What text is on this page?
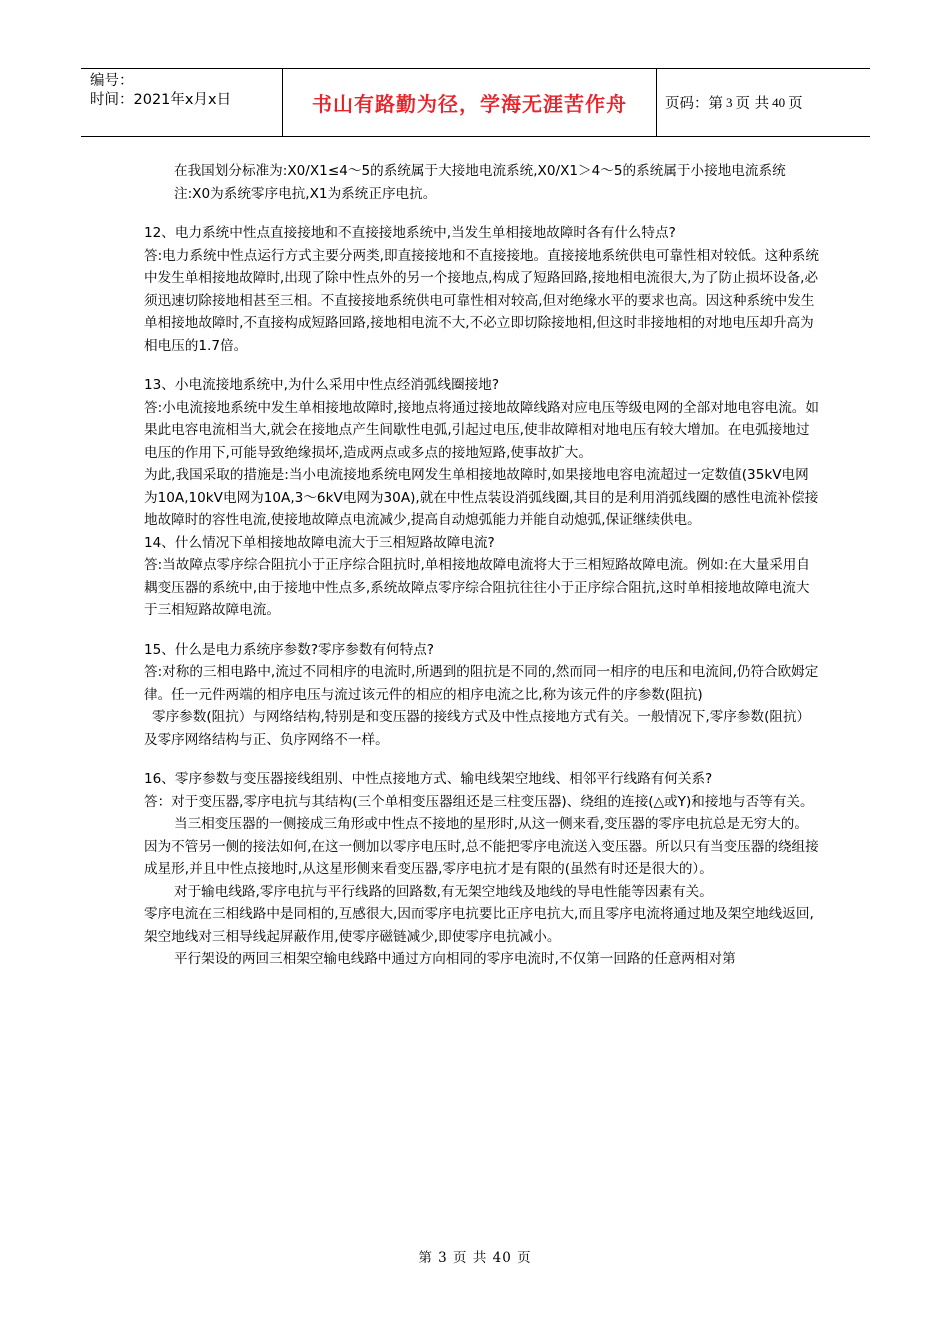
编号：
时间：2021年x月x日	书山有路勤为径，学海无涯苦作舟	页码：第 3 页 共 40 页

在我国划分标准为:X0/X1≤4～5的系统属于大接地电流系统,X0/X1＞4～5的系统属于小接地电流系统

注:X0为系统零序电抗,X1为系统正序电抗。

12、电力系统中性点直接接地和不直接接地系统中,当发生单相接地故障时各有什么特点?

答:电力系统中性点运行方式主要分两类,即直接接地和不直接接地。直接接地系统供电可靠性相对较低。这种系统中发生单相接地故障时,出现了除中性点外的另一个接地点,构成了短路回路,接地相电流很大,为了防止损坏设备,必须迅速切除接地相甚至三相。不直接接地系统供电可靠性相对较高,但对绝缘水平的要求也高。因这种系统中发生单相接地故障时,不直接构成短路回路,接地相电流不大,不必立即切除接地相,但这时非接地相的对地电压却升高为相电压的1.7倍。

13、小电流接地系统中,为什么采用中性点经消弧线圈接地?

答:小电流接地系统中发生单相接地故障时,接地点将通过接地故障线路对应电压等级电网的全部对地电容电流。如果此电容电流相当大,就会在接地点产生间歇性电弧,引起过电压,使非故障相对地电压有较大增加。在电弧接地过电压的作用下,可能导致绝缘损坏,造成两点或多点的接地短路,使事故扩大。

为此,我国采取的措施是:当小电流接地系统电网发生单相接地故障时,如果接地电容电流超过一定数值(35kV电网为10A,10kV电网为10A,3～6kV电网为30A),就在中性点装设消弧线圈,其目的是利用消弧线圈的感性电流补偿接地故障时的容性电流,使接地故障点电流减少,提高自动熄弧能力并能自动熄弧,保证继续供电。

14、什么情况下单相接地故障电流大于三相短路故障电流?

答:当故障点零序综合阻抗小于正序综合阻抗时,单相接地故障电流将大于三相短路故障电流。例如:在大量采用自耦变压器的系统中,由于接地中性点多,系统故障点零序综合阻抗往往小于正序综合阻抗,这时单相接地故障电流大于三相短路故障电流。

15、什么是电力系统序参数?零序参数有何特点?

答:对称的三相电路中,流过不同相序的电流时,所遇到的阻抗是不同的,然而同一相序的电压和电流间,仍符合欧姆定律。任一元件两端的相序电压与流过该元件的相应的相序电流之比,称为该元件的序参数(阻抗)

零序参数(阻抗）与网络结构,特别是和变压器的接线方式及中性点接地方式有关。一般情况下,零序参数(阻抗）及零序网络结构与正、负序网络不一样。

16、零序参数与变压器接线组别、中性点接地方式、输电线架空地线、相邻平行线路有何关系?

答：对于变压器,零序电抗与其结构(三个单相变压器组还是三柱变压器)、绕组的连接(△或Y)和接地与否等有关。

当三相变压器的一侧接成三角形或中性点不接地的星形时,从这一侧来看,变压器的零序电抗总是无穷大的。因为不管另一侧的接法如何,在这一侧加以零序电压时,总不能把零序电流送入变压器。所以只有当变压器的绕组接成星形,并且中性点接地时,从这星形侧来看变压器,零序电抗才是有限的(虽然有时还是很大的）。

对于输电线路,零序电抗与平行线路的回路数,有无架空地线及地线的导电性能等因素有关。

零序电流在三相线路中是同相的,互感很大,因而零序电抗要比正序电抗大,而且零序电流将通过地及架空地线返回,架空地线对三相导线起屏蔽作用,使零序磁链减少,即使零序电抗减小。

平行架设的两回三相架空输电线路中通过方向相同的零序电流时,不仅第一回路的任意两相对第

第 3 页 共 40 页
